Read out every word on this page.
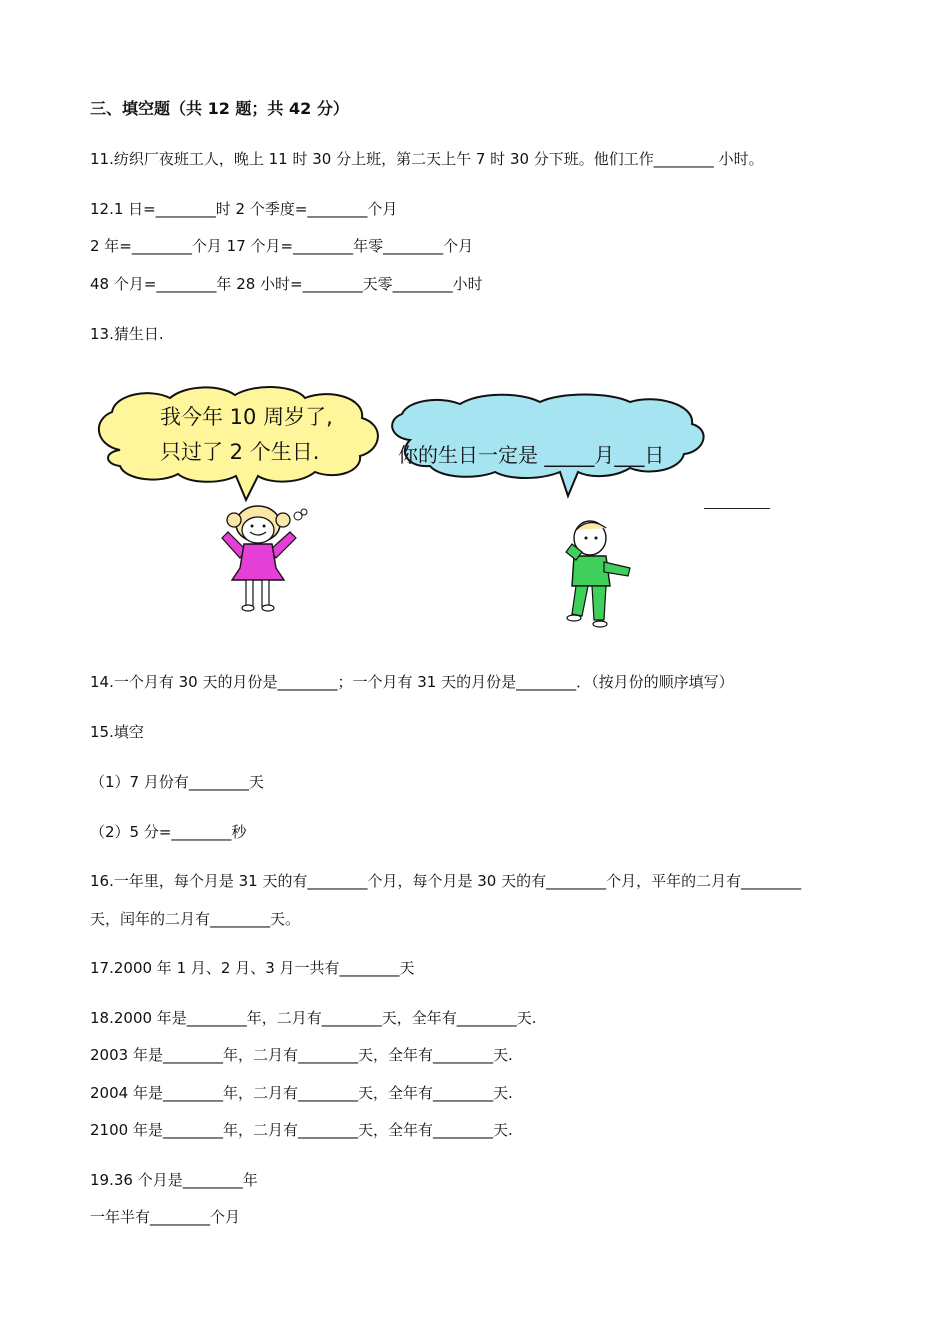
三、填空题（共 12 题；共 42 分）
11.纺织厂夜班工人，晚上 11 时 30 分上班，第二天上午 7 时 30 分下班。他们工作________ 小时。
12.1 日=________时 2 个季度=________个月
2 年=________个月 17 个月=________年零________个月
48 个月=________年 28 小时=________天零________小时
13.猜生日.
我今年 10 周岁了,
只过了 2 个生日.	你的生日一定是 _____月___日
14.一个月有 30 天的月份是________；一个月有 31 天的月份是________．（按月份的顺序填写）
15.填空
（1）7 月份有________天
（2）5 分=________秒
16.一年里，每个月是 31 天的有________个月，每个月是 30 天的有________个月，平年的二月有________
天，闰年的二月有________天。
17.2000 年 1 月、2 月、3 月一共有________天
18.2000 年是________年，二月有________天，全年有________天.
2003 年是________年，二月有________天，全年有________天.
2004 年是________年，二月有________天，全年有________天.
2100 年是________年，二月有________天，全年有________天.
19.36 个月是________年
一年半有________个月
